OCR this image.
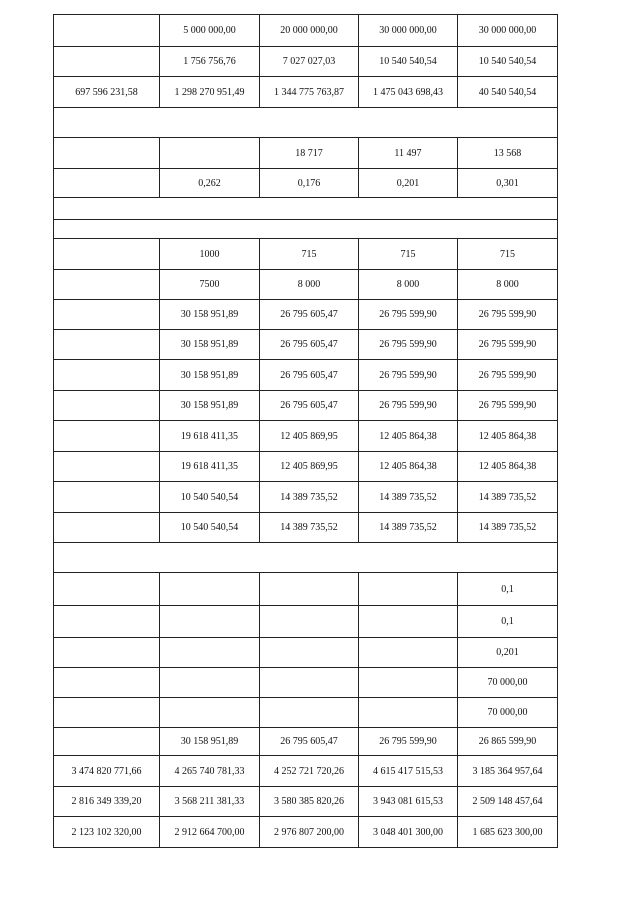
	5 000 000,00	20 000 000,00	30 000 000,00	30 000 000,00
	1 756 756,76	7 027 027,03	10 540 540,54	10 540 540,54
697 596 231,58	1 298 270 951,49	1 344 775 763,87	1 475 043 698,43	40 540 540,54

		18 717	11 497	13 568
	0,262	0,176	0,201	0,301

	1000	715	715	715
	7500	8 000	8 000	8 000
	30 158 951,89	26 795 605,47	26 795 599,90	26 795 599,90
	30 158 951,89	26 795 605,47	26 795 599,90	26 795 599,90
	30 158 951,89	26 795 605,47	26 795 599,90	26 795 599,90
	30 158 951,89	26 795 605,47	26 795 599,90	26 795 599,90
	19 618 411,35	12 405 869,95	12 405 864,38	12 405 864,38
	19 618 411,35	12 405 869,95	12 405 864,38	12 405 864,38
	10 540 540,54	14 389 735,52	14 389 735,52	14 389 735,52
	10 540 540,54	14 389 735,52	14 389 735,52	14 389 735,52

				0,1
				0,1
				0,201
				70 000,00
				70 000,00
	30 158 951,89	26 795 605,47	26 795 599,90	26 865 599,90
3 474 820 771,66	4 265 740 781,33	4 252 721 720,26	4 615 417 515,53	3 185 364 957,64
2 816 349 339,20	3 568 211 381,33	3 580 385 820,26	3 943 081 615,53	2 509 148 457,64
2 123 102 320,00	2 912 664 700,00	2 976 807 200,00	3 048 401 300,00	1 685 623 300,00
